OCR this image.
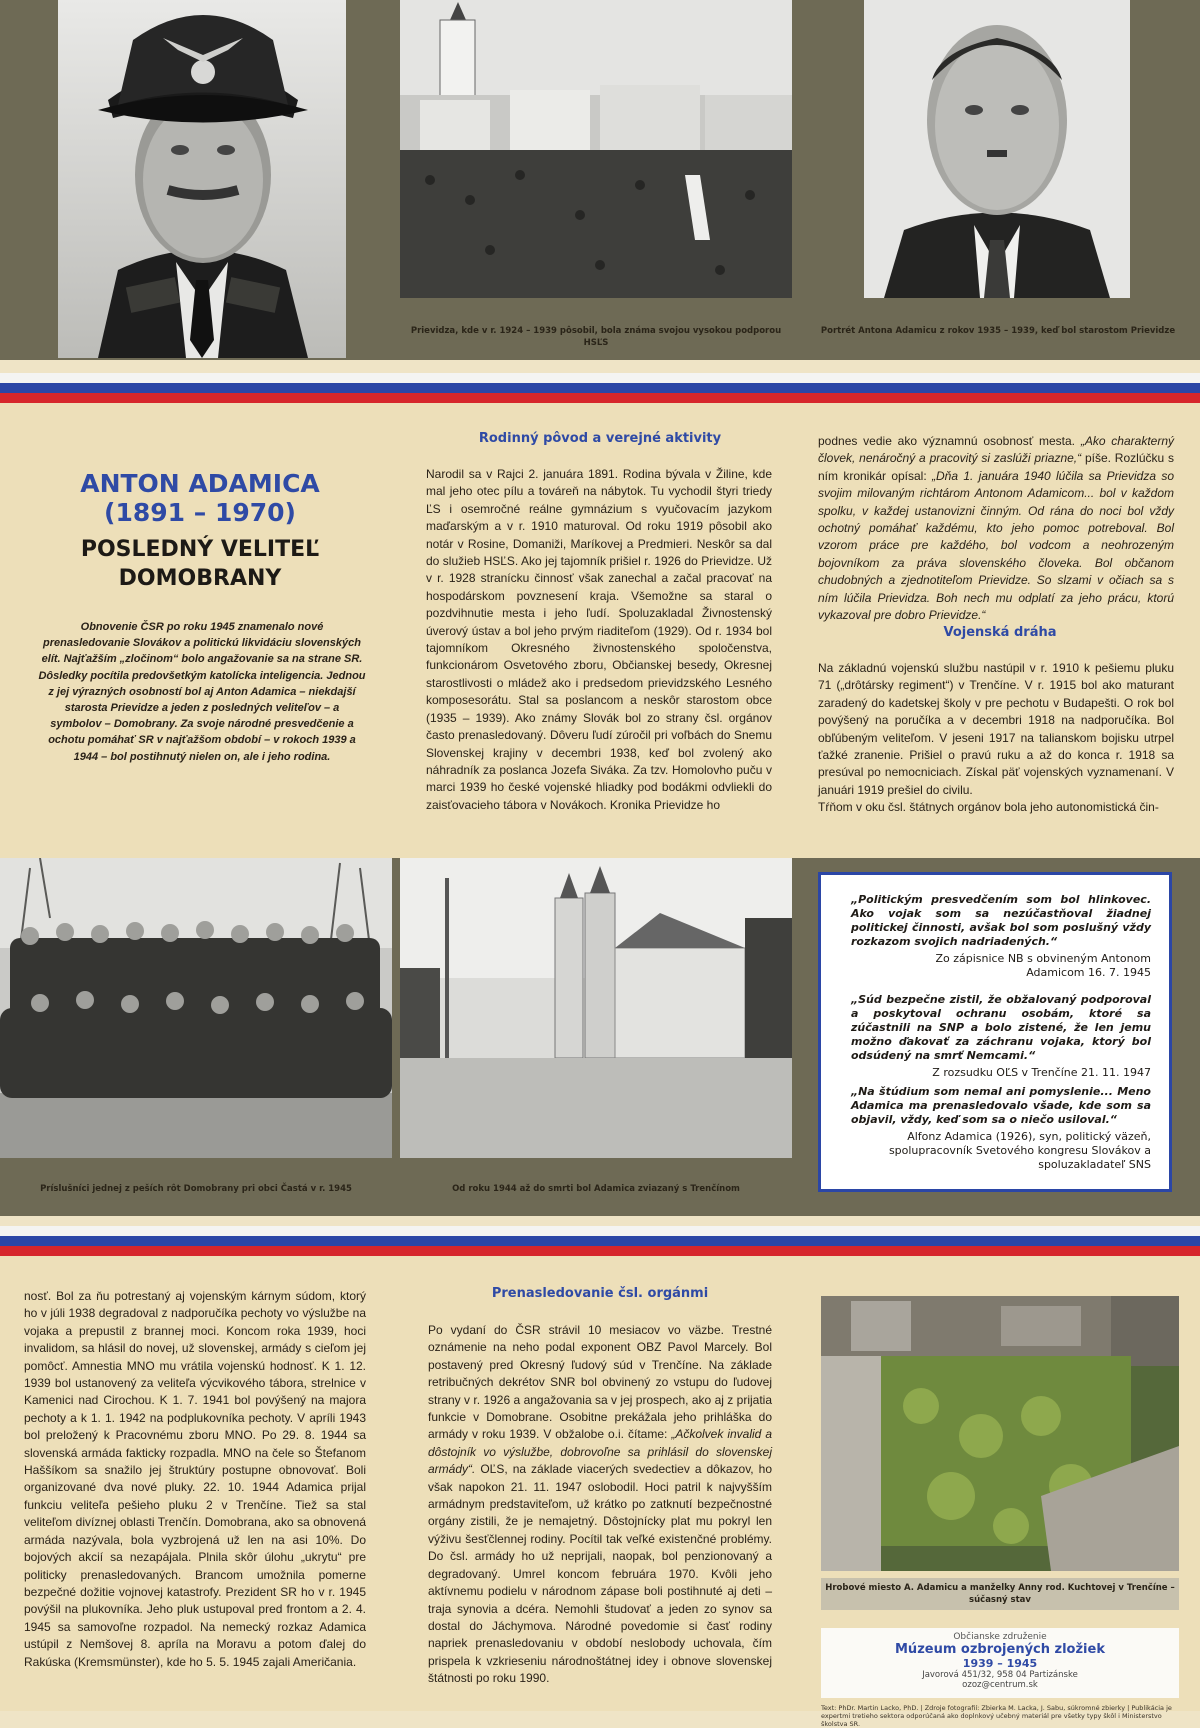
Prievidza, kde v r. 1924 – 1939 pôsobil, bola známa svojou vysokou podporou HSĽS
Portrét Antona Adamicu z rokov 1935 – 1939, keď bol starostom Prievidze
ANTON ADAMICA
(1891 – 1970)
POSLEDNÝ VELITEĽ
DOMOBRANY
Obnovenie ČSR po roku 1945 znamenalo nové prenasledovanie Slovákov a politickú likvidáciu slovenských elít. Najťažším „zločinom“ bolo angažovanie sa na strane SR. Dôsledky pocítila predovšetkým katolícka inteligencia. Jednou z jej výrazných osobností bol aj Anton Adamica – niekdajší starosta Prievidze a jeden z posledných veliteľov – a symbolov – Domobrany. Za svoje národné presvedčenie a ochotu pomáhať SR v najťažšom období – v rokoch 1939 a 1944 – bol postihnutý nielen on, ale i jeho rodina.
Rodinný pôvod a verejné aktivity
Narodil sa v Rajci 2. januára 1891. Rodina bývala v Žiline, kde mal jeho otec pílu a továreň na nábytok. Tu vychodil štyri triedy ĽS i osemročné reálne gymnázium s vyučovacím jazykom maďarským a v r. 1910 maturoval. Od roku 1919 pôsobil ako notár v Rosine, Domaniži, Maríkovej a Predmieri. Neskôr sa dal do služieb HSĽS. Ako jej tajomník prišiel r. 1926 do Prievidze. Už v r. 1928 stranícku činnosť však zanechal a začal pracovať na hospodárskom povznesení kraja. Všemožne sa staral o pozdvihnutie mesta i jeho ľudí. Spoluzakladal Živnostenský úverový ústav a bol jeho prvým riaditeľom (1929). Od r. 1934 bol tajomníkom Okresného živnostenského spoločenstva, funkcionárom Osvetového zboru, Občianskej besedy, Okresnej starostlivosti o mládež ako i predsedom prievidzského Lesného komposesorátu. Stal sa poslancom a neskôr starostom obce (1935 – 1939). Ako známy Slovák bol zo strany čsl. orgánov často prenasledovaný. Dôveru ľudí zúročil pri voľbách do Snemu Slovenskej krajiny v decembri 1938, keď bol zvolený ako náhradník za poslanca Jozefa Siváka. Za tzv. Homolovho puču v marci 1939 ho české vojenské hliadky pod bodákmi odvliekli do zaisťovacieho tábora v Novákoch. Kronika Prievidze ho
podnes vedie ako významnú osobnosť mesta. „Ako charakterný človek, nenáročný a pracovitý si zaslúži priazne,“ píše. Rozlúčku s ním kronikár opísal: „Dňa 1. januára 1940 lúčila sa Prievidza so svojim milovaným richtárom Antonom Adamicom... bol v každom spolku, v každej ustanovizni činným. Od rána do noci bol vždy ochotný pomáhať každému, kto jeho pomoc potreboval. Bol vzorom práce pre každého, bol vodcom a neohrozeným bojovníkom za práva slovenského človeka. Bol občanom chudobných a zjednotiteľom Prievidze. So slzami v očiach sa s ním lúčila Prievidza. Boh nech mu odplatí za jeho prácu, ktorú vykazoval pre dobro Prievidze.“
Vojenská dráha

Na základnú vojenskú službu nastúpil v r. 1910 k pešiemu pluku 71 („drôtársky regiment“) v Trenčíne. V r. 1915 bol ako maturant zaradený do kadetskej školy v pre pechotu v Budapešti. O rok bol povýšený na poručíka a v decembri 1918 na nadporučíka. Bol obľúbeným veliteľom. V jeseni 1917 na talianskom bojisku utrpel ťažké zranenie. Prišiel o pravú ruku a až do konca r. 1918 sa presúval po nemocniciach. Získal päť vojenských vyznamenaní. V januári 1919 prešiel do civilu.

Tŕňom v oku čsl. štátnych orgánov bola jeho autonomistická čin-

Príslušníci jednej z peších rôt Domobrany pri obci Častá v r. 1945	Od roku 1944 až do smrti bol Adamica zviazaný s Trenčínom
„Politickým presvedčením som bol hlinkovec. Ako vojak som sa nezúčastňoval žiadnej politickej činnosti, avšak bol som poslušný vždy rozkazom svojich nadriadených.“
Zo zápisnice NB s obvineným Antonom Adamicom 16. 7. 1945
„Súd bezpečne zistil, že obžalovaný podporoval a poskytoval ochranu osobám, ktoré sa zúčastnili na SNP a bolo zistené, že len jemu možno ďakovať za záchranu vojaka, ktorý bol odsúdený na smrť Nemcami.“
Z rozsudku OĽS v Trenčíne 21. 11. 1947
„Na štúdium som nemal ani pomyslenie... Meno Adamica ma prenasledovalo všade, kde som sa objavil, vždy, keď som sa o niečo usiloval.“
Alfonz Adamica (1926), syn, politický väzeň, spolupracovník Svetového kongresu Slovákov a spoluzakladateľ SNS
nosť. Bol za ňu potrestaný aj vojenským kárnym súdom, ktorý ho v júli 1938 degradoval z nadporučíka pechoty vo výslužbe na vojaka a prepustil z brannej moci. Koncom roka 1939, hoci invalidom, sa hlásil do novej, už slovenskej, armády s cieľom jej pomôcť. Amnestia MNO mu vrátila vojenskú hodnosť. K 1. 12. 1939 bol ustanovený za veliteľa výcvikového tábora, strelnice v Kamenici nad Cirochou. K 1. 7. 1941 bol povýšený na majora pechoty a k 1. 1. 1942 na podplukovníka pechoty. V apríli 1943 bol preložený k Pracovnému zboru MNO. Po 29. 8. 1944 sa slovenská armáda fakticky rozpadla. MNO na čele so Štefanom Haššíkom sa snažilo jej štruktúry postupne obnovovať. Boli organizované dva nové pluky. 22. 10. 1944 Adamica prijal funkciu veliteľa pešieho pluku 2 v Trenčíne. Tiež sa stal veliteľom divíznej oblasti Trenčín. Domobrana, ako sa obnovená armáda nazývala, bola vyzbrojená už len na asi 10%. Do bojových akcií sa nezapájala. Plnila skôr úlohu „ukrytu“ pre politicky prenasledovaných. Brancom umožnila pomerne bezpečné dožitie vojnovej katastrofy. Prezident SR ho v r. 1945 povýšil na plukovníka. Jeho pluk ustupoval pred frontom a 2. 4. 1945 sa samovoľne rozpadol. Na nemecký rozkaz Adamica ustúpil z Nemšovej 8. apríla na Moravu a potom ďalej do Rakúska (Kremsmünster), kde ho 5. 5. 1945 zajali Američania.
Prenasledovanie čsl. orgánmi
Po vydaní do ČSR strávil 10 mesiacov vo väzbe. Trestné oznámenie na neho podal exponent OBZ Pavol Marcely. Bol postavený pred Okresný ľudový súd v Trenčíne. Na základe retribučných dekrétov SNR bol obvinený zo vstupu do ľudovej strany v r. 1926 a angažovania sa v jej prospech, ako aj z prijatia funkcie v Domobrane. Osobitne prekážala jeho prihláška do armády v roku 1939. V obžalobe o.i. čítame: „Ačkolvek invalid a dôstojník vo výslužbe, dobrovoľne sa prihlásil do slovenskej armády“. OĽS, na základe viacerých svedectiev a dôkazov, ho však napokon 21. 11. 1947 oslobodil. Hoci patril k najvyšším armádnym predstaviteľom, už krátko po zatknutí bezpečnostné orgány zistili, že je nemajetný. Dôstojnícky plat mu pokryl len výživu šesťčlennej rodiny. Pocítil tak veľké existenčné problémy. Do čsl. armády ho už neprijali, naopak, bol penzionovaný a degradovaný. Umrel koncom februára 1970. Kvôli jeho aktívnemu podielu v národnom zápase boli postihnuté aj deti – traja synovia a dcéra. Nemohli študovať a jeden zo synov sa dostal do Jáchymova. Národné povedomie si časť rodiny napriek prenasledovaniu v období neslobody uchovala, čím prispela k vzkrieseniu národnoštátnej idey i obnove slovenskej štátnosti po roku 1990.
Hrobové miesto A. Adamicu a manželky Anny rod. Kuchtovej v Trenčíne – súčasný stav
Občianske združenie
Múzeum ozbrojených zložiek
1939 – 1945
Javorová 451/32, 958 04 Partizánske
ozoz@centrum.sk
Text: PhDr. Martin Lacko, PhD. | Zdroje fotografií: Zbierka M. Lacka, J. Sabu, súkromné zbierky | Publikácia je expertmi tretieho sektora odporúčaná ako doplnkový učebný materiál pre všetky typy škôl i Ministerstvo školstva SR.
